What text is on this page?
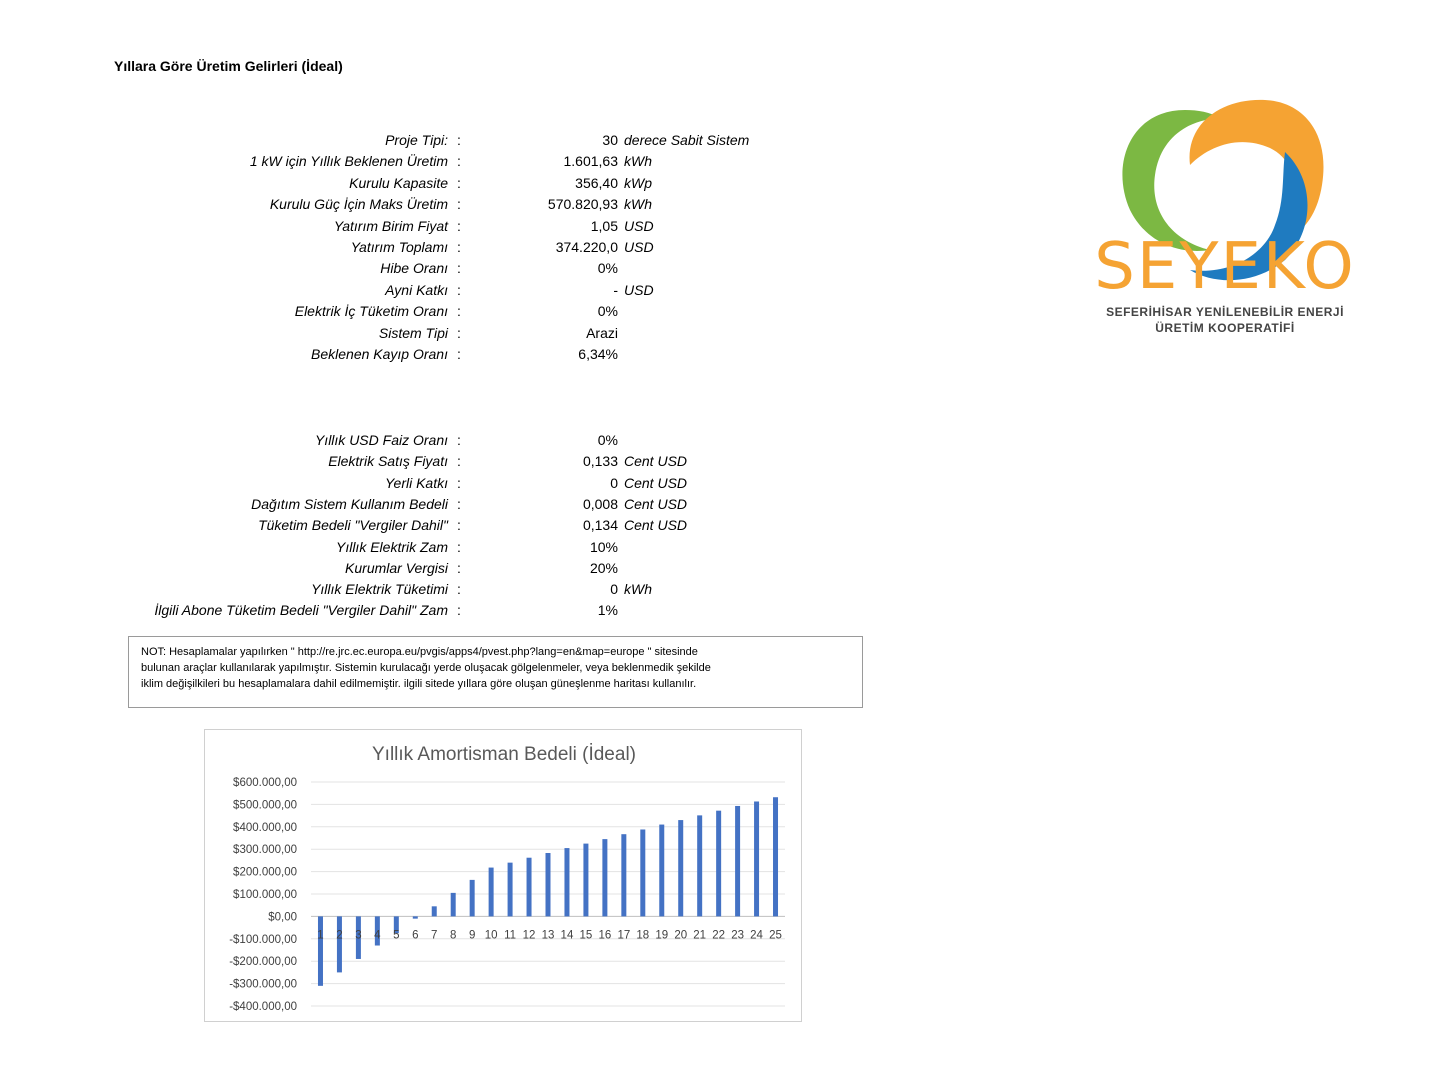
Yıllara Göre Üretim Gelirleri (İdeal)
Proje Tipi: :	30 derece Sabit Sistem
1 kW için Yıllık Beklenen Üretim :	1.601,63 kWh
Kurulu Kapasite :	356,40 kWp
Kurulu Güç İçin Maks Üretim :	570.820,93 kWh
Yatırım Birim Fiyat :	1,05 USD
Yatırım Toplamı :	374.220,0 USD
Hibe Oranı :	0%
Ayni Katkı :	- USD
Elektrik İç Tüketim Oranı :	0%
Sistem Tipi :	Arazi
Beklenen Kayıp Oranı :	6,34%
Yıllık USD Faiz Oranı :	0%
Elektrik Satış Fiyatı :	0,133 Cent USD
Yerli Katkı :	0 Cent USD
Dağıtım Sistem Kullanım Bedeli :	0,008 Cent USD
Tüketim Bedeli "Vergiler Dahil" :	0,134 Cent USD
Yıllık Elektrik Zam :	10%
Kurumlar Vergisi :	20%
Yıllık Elektrik Tüketimi :	0 kWh
İlgili Abone Tüketim Bedeli "Vergiler Dahil" Zam :	1%
NOT: Hesaplamalar yapılırken " http://re.jrc.ec.europa.eu/pvgis/apps4/pvest.php?lang=en&map=europe " sitesinde
bulunan araçlar kullanılarak yapılmıştır. Sistemin kurulacağı yerde oluşacak gölgelenmeler, veya beklenmedik şekilde
iklim değişilkileri bu hesaplamalara dahil edilmemiştir. ilgili sitede yıllara göre oluşan güneşlenme haritası kullanılır.
Yıllık Amortisman Bedeli (İdeal)
$600.000,00
$500.000,00
$400.000,00
$300.000,00
$200.000,00
$100.000,00
$0,00
-$100.000,00
-$200.000,00
-$300.000,00
-$400.000,00
1 2 3 4 5 6 7 8 9 10 11 12 13 14 15 16 17 18 19 20 21 22 23 24 25
SEYEKO
SEFERİHİSAR YENİLENEBİLİR ENERJİ
ÜRETİM KOOPERATİFİ
